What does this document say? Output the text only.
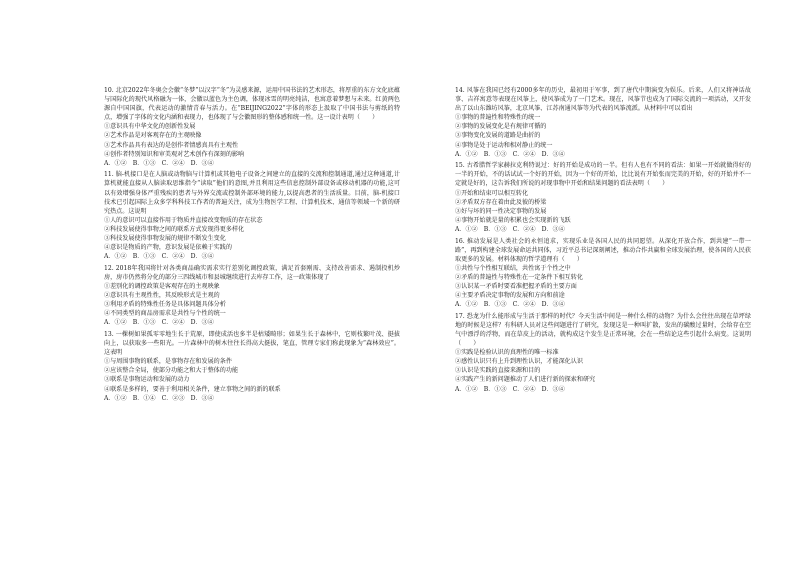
10. 北京2022年冬奥会会徽“冬梦”以汉字“冬”为灵感来源，运用中国书法的艺术形态，将厚重的东方文化底蕴与国际化的现代风格融为一体，会徽以蓝色为主色调，体现冰雪的明亮纯洁，也寓意着梦想与未来。红黄两色源自中国国旗，代表运动的激情青春与活力。在“BEIJING2022”字体的形态上汲取了中国书法与剪纸的特点，增强了字体的文化内涵和表现力，也体现了与会徽图形的整体感和统一性。这一设计表明（　　）
①意识具有中华文化的创新性发展
②艺术作品是对客观存在的主观映像
③艺术作品具有表达的是创作者情感真具有主观性
④创作者特别知识和审美观对艺术创作有深刻的影响
A．①②　B．①③　C．②④　D．③④
11. 脑-机接口是在人脑或动物脑与计算机或其他电子设备之间建立的直接的交流和控制通道,通过这种通道,计算机就能直接从人脑读取思维指令“读取”他们的意图,并且利用这些信息控制外部设备或移动机器的功能,这可以有效增强身体严重残疾的患者与外界交流或控制外部环境的能力,以提高患者的生活质量。目前，脑-机接口技术已引起国际上众多学科科技工作者的普遍关注，成为生物医学工程、计算机技术、通信等领域一个新的研究热点。这说明
①人的意识可以直接作用于物质并直接改变物质的存在状态
②科技发展使得事物之间的联系方式发现得更多样化
③科技发展使得事物发展的规律不断发生变化
④意识是物质的产物，意识发展是依赖于实践的
A．①②　B．①③　C．②④　D．③④
12. 2018年我国将针对各类商品确实需求实行差别化调控政策，满足首套刚需、支持改善需求、遏制投机炒房，房市仍然将分化的部分三四线城市和县城继续进行去库存工作，这一政策体现了
①差别化的调控政策是客观存在的主观映象
②意识具有主观性性，其反映形式是主观的
③利用矛盾的特殊性任务是具体问题具体分析
④不同类型的商品房需求是共性与个性的统一
A．①②　B．①③　C．②④　D．③④
13. 一棵树如果孤零零地生长于荒原，即使成活也多半是枯矮畸形；如果生长于森林中，它则枝繁叶茂、挺拔向上，以获取多一些阳光。一片森林中的树木往往长得高大挺拔，笔直，管理专家们称此现象为“森林效应”。这表明
①与周围事物的联系，是事物存在和发展的条件
②应该整合全局，使部分功能之和大于整体的功能
③联系是事物运动和发展的动力
④联系是多样的，要善于利用相关条件，建立事物之间的新的联系
A．①②　B．①④　C．②③　D．③④
14. 风筝在我国已经有2000多年的历史，最初用于军事，到了唐代中期演变为娱乐。后来，人们又将神话故事、吉祥寓意等表现在风筝上，使风筝成为了一门艺术。现在，风筝节也成为了国际交流的一项活动，又开发出了以山东潍坊风筝，北京风筝、江苏南通风筝等为代表的风筝流派。从材料中可以看出
①事物的普遍性和特殊性的统一
②事物的发展变化是有规律可循的
③事物变化发展的道路是曲折的
④事物是处于运动和相对静止的统一
A．①②　B．①③　C．②④　D．③④
15. 古希腊哲学家赫拉克利特说过：好的开始是成功的一半。但有人也有不同的看法：如果一开始就做得好的一半的开始，不的话试试一个好的开始，因为一个好的开始，比比说有开始张而完美的开始，好的开始并不一定就是好的，这告诉我们所说的对现事物中开始和结果问题的看法表明（　　）
①开始和结束可以相互转化
②矛盾双方存在着由此及彼的桥梁
③好与坏的同一性决定事物的发展
④事物开始就是量的积累也会实现新的飞跃
A．①②　B．①③　C．②④　D．③④
16. 推动发展是人类社会的永恒追求，实现乐业是各国人民的共同愿望。从深化开放合作，到共建“一带一路”，再到构建全球发展命运共同体，习近平总书记深刻阐述，推动合作共赢和全球发展治理，使各国的人民获取更多的发展。材料体现的哲学道理有（　　）
①共性与个性相互联结，共性寓于个性之中
②矛盾的普遍性与特殊性在一定条件下相互转化
③认识某一矛盾时要看准把握矛盾的主要方面
④主要矛盾决定事物的发展和方向和前途
A．①②　B．①③　C．②④　D．③④
17. 恐龙为什么能形成与生活于那样的时代？今天生活中间是一种什么样的动物？为什么会往往出现在草坪绿地的时候是这样？有科研人员对这些问题进行了研究，发现这是一种叫扩散，发出的碳酸过量时，会给存在空气中漂浮的浮物，而在草皮上的活动，就构成这个发生是正常环境，会在一些结论这些引起什么病变。这说明（　　）
①实践是检验认识的真理性的唯一标准
②感性认识只有上升到理性认识，才能深化认识
③认识是实践的直接来源和目的
④实践产生的新问题推动了人们进行新的探索和研究
A．①②　B．①③　C．②④　D．③④
